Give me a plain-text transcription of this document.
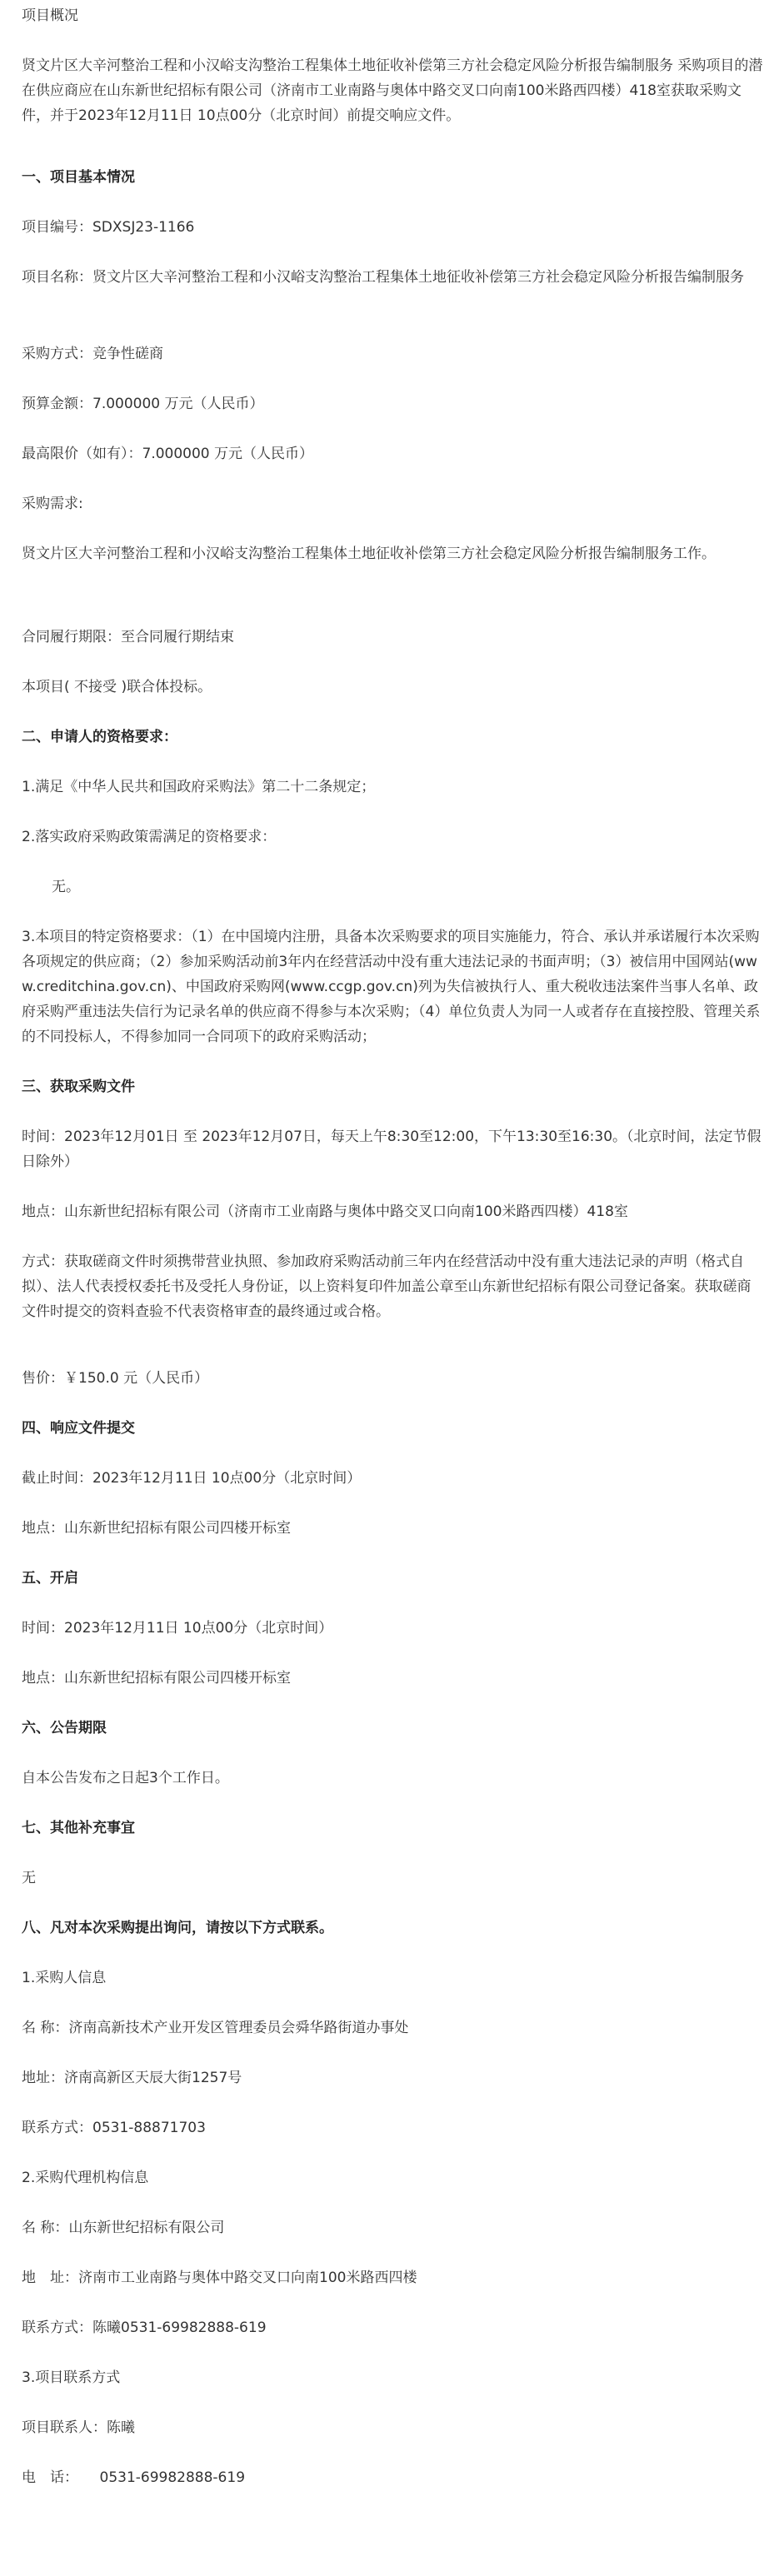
项目概况
贤文片区大辛河整治工程和小汉峪支沟整治工程集体土地征收补偿第三方社会稳定风险分析报告编制服务 采购项目的潜在供应商应在山东新世纪招标有限公司（济南市工业南路与奥体中路交叉口向南100米路西四楼）418室获取采购文件，并于2023年12月11日 10点00分（北京时间）前提交响应文件。
一、项目基本情况
项目编号：SDXSJ23-1166
项目名称：贤文片区大辛河整治工程和小汉峪支沟整治工程集体土地征收补偿第三方社会稳定风险分析报告编制服务
采购方式：竞争性磋商
预算金额：7.000000 万元（人民币）
最高限价（如有）：7.000000 万元（人民币）
采购需求:
贤文片区大辛河整治工程和小汉峪支沟整治工程集体土地征收补偿第三方社会稳定风险分析报告编制服务工作。
合同履行期限：至合同履行期结束
本项目( 不接受 )联合体投标。
二、申请人的资格要求：
1.满足《中华人民共和国政府采购法》第二十二条规定；
2.落实政府采购政策需满足的资格要求：
无。
3.本项目的特定资格要求：（1）在中国境内注册，具备本次采购要求的项目实施能力，符合、承认并承诺履行本次采购各项规定的供应商；（2）参加采购活动前3年内在经营活动中没有重大违法记录的书面声明；（3）被信用中国网站(www.creditchina.gov.cn)、中国政府采购网(www.ccgp.gov.cn)列为失信被执行人、重大税收违法案件当事人名单、政府采购严重违法失信行为记录名单的供应商不得参与本次采购；（4）单位负责人为同一人或者存在直接控股、管理关系的不同投标人，不得参加同一合同项下的政府采购活动；
三、获取采购文件
时间：2023年12月01日 至 2023年12月07日，每天上午8:30至12:00，下午13:30至16:30。（北京时间，法定节假日除外）
地点：山东新世纪招标有限公司（济南市工业南路与奥体中路交叉口向南100米路西四楼）418室
方式：获取磋商文件时须携带营业执照、参加政府采购活动前三年内在经营活动中没有重大违法记录的声明（格式自拟）、法人代表授权委托书及受托人身份证，以上资料复印件加盖公章至山东新世纪招标有限公司登记备案。获取磋商文件时提交的资料查验不代表资格审查的最终通过或合格。
售价：￥150.0 元（人民币）
四、响应文件提交
截止时间：2023年12月11日 10点00分（北京时间）
地点：山东新世纪招标有限公司四楼开标室
五、开启
时间：2023年12月11日 10点00分（北京时间）
地点：山东新世纪招标有限公司四楼开标室
六、公告期限
自本公告发布之日起3个工作日。
七、其他补充事宜
无
八、凡对本次采购提出询问，请按以下方式联系。
1.采购人信息
名 称：济南高新技术产业开发区管理委员会舜华路街道办事处
地址：济南高新区天辰大街1257号
联系方式：0531-88871703
2.采购代理机构信息
名 称：山东新世纪招标有限公司
地　址：济南市工业南路与奥体中路交叉口向南100米路西四楼
联系方式：陈曦0531-69982888-619
3.项目联系方式
项目联系人：陈曦
电　话：　　0531-69982888-619
